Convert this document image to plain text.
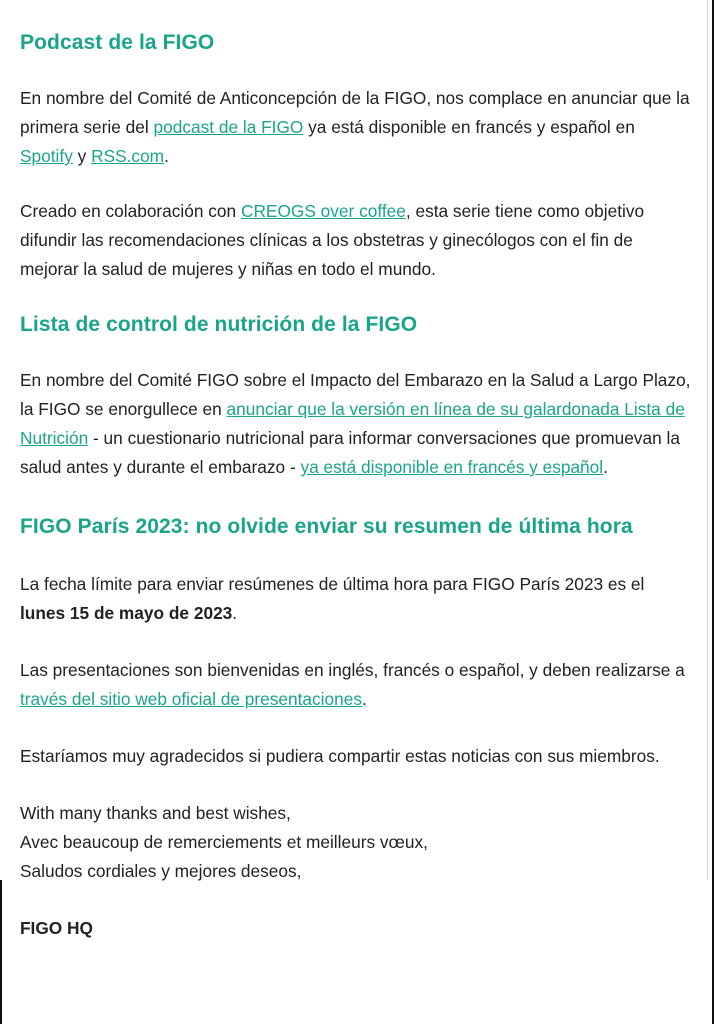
Podcast de la FIGO

En nombre del Comité de Anticoncepción de la FIGO, nos complace en anunciar que la primera serie del podcast de la FIGO ya está disponible en francés y español en Spotify y RSS.com.

Creado en colaboración con CREOGS over coffee, esta serie tiene como objetivo difundir las recomendaciones clínicas a los obstetras y ginecólogos con el fin de mejorar la salud de mujeres y niñas en todo el mundo.

Lista de control de nutrición de la FIGO

En nombre del Comité FIGO sobre el Impacto del Embarazo en la Salud a Largo Plazo, la FIGO se enorgullece en anunciar que la versión en línea de su galardonada Lista de Nutrición - un cuestionario nutricional para informar conversaciones que promuevan la salud antes y durante el embarazo - ya está disponible en francés y español.

FIGO París 2023: no olvide enviar su resumen de última hora

La fecha límite para enviar resúmenes de última hora para FIGO París 2023 es el lunes 15 de mayo de 2023.

Las presentaciones son bienvenidas en inglés, francés o español, y deben realizarse a través del sitio web oficial de presentaciones.

Estaríamos muy agradecidos si pudiera compartir estas noticias con sus miembros.

With many thanks and best wishes,

Avec beaucoup de remerciements et meilleurs vœux,

Saludos cordiales y mejores deseos,

FIGO HQ
